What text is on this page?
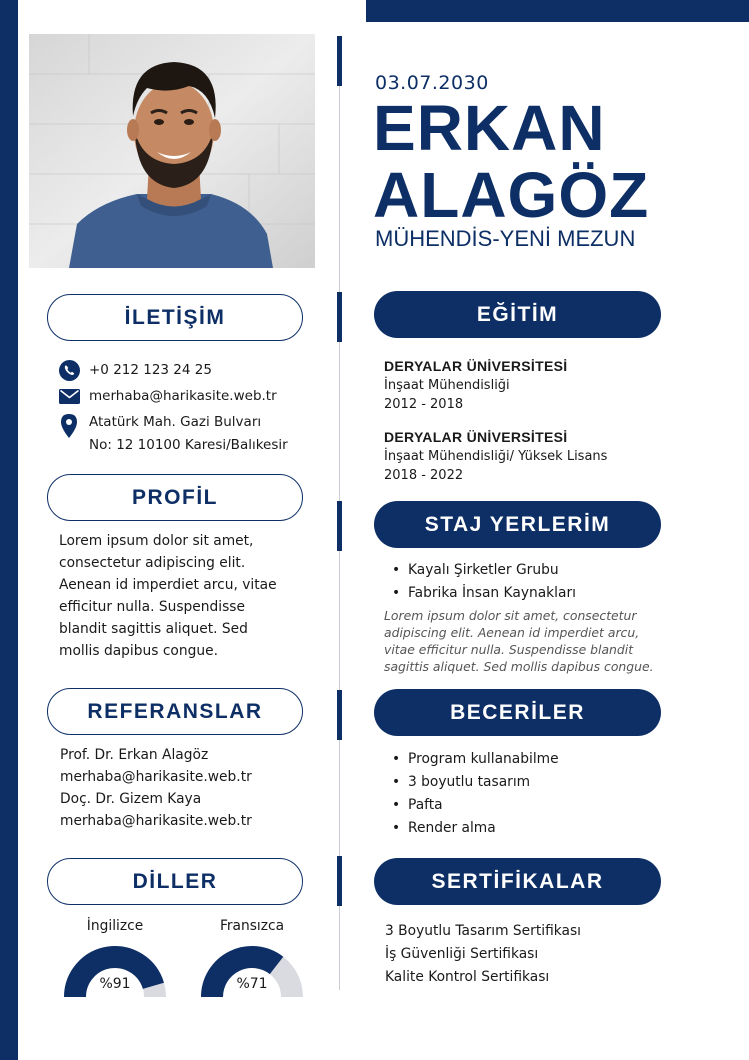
03.07.2030
ERKAN
ALAGÖZ
MÜHENDİS-YENİ MEZUN
İLETİŞİM
+0 212 123 24 25
merhaba@harikasite.web.tr
Atatürk Mah. Gazi Bulvarı
No: 12 10100 Karesi/Balıkesir
PROFİL
Lorem ipsum dolor sit amet,
consectetur adipiscing elit.
Aenean id imperdiet arcu, vitae
efficitur nulla. Suspendisse
blandit sagittis aliquet. Sed
mollis dapibus congue.
REFERANSLAR
Prof. Dr. Erkan Alagöz
merhaba@harikasite.web.tr
Doç. Dr. Gizem Kaya
merhaba@harikasite.web.tr
DİLLER
İngilizce	Fransızca
%91	%71
EĞİTİM
DERYALAR ÜNİVERSİTESİ
İnşaat Mühendisliği
2012 - 2018
DERYALAR ÜNİVERSİTESİ
İnşaat Mühendisliği/ Yüksek Lisans
2018 - 2022
STAJ YERLERİM
• Kayalı Şirketler Grubu
• Fabrika İnsan Kaynakları
Lorem ipsum dolor sit amet, consectetur
adipiscing elit. Aenean id imperdiet arcu,
vitae efficitur nulla. Suspendisse blandit
sagittis aliquet. Sed mollis dapibus congue.
BECERİLER
• Program kullanabilme
• 3 boyutlu tasarım
• Pafta
• Render alma
SERTİFİKALAR
3 Boyutlu Tasarım Sertifikası
İş Güvenliği Sertifikası
Kalite Kontrol Sertifikası
